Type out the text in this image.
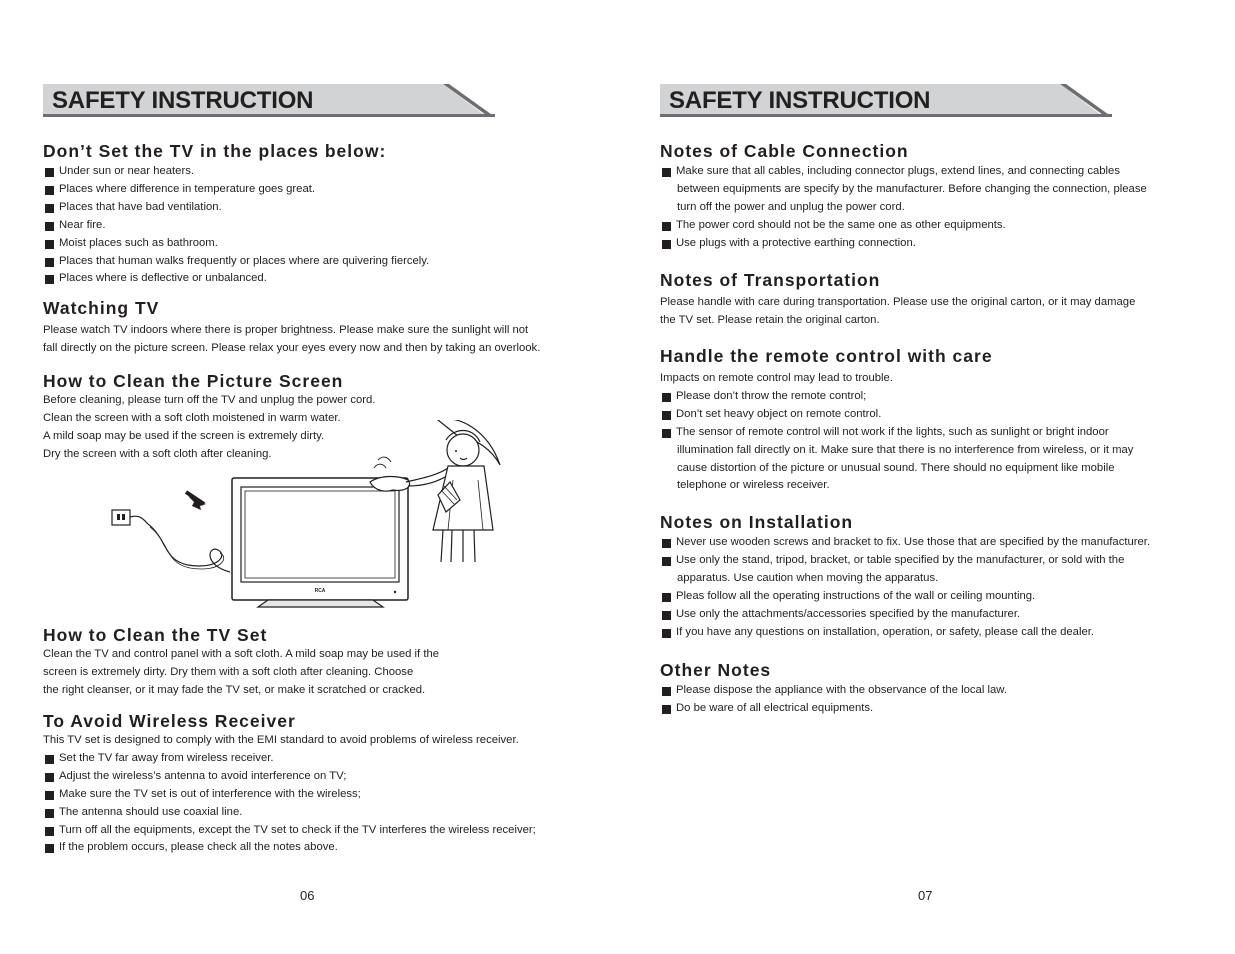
SAFETY INSTRUCTION
Don’t Set the TV in the places below:
Under sun or near heaters.
Places where difference in temperature goes great.
Places that have bad ventilation.
Near fire.
Moist places such as bathroom.
Places that human walks frequently or places where are quivering fiercely.
Places where is deflective or unbalanced.
Watching TV
Please watch TV indoors where there is proper brightness. Please make sure the sunlight will not
fall directly on the picture screen. Please relax your eyes every now and then by taking an overlook.
How to Clean the Picture Screen
Before cleaning, please turn off the TV and unplug the power cord.
Clean the screen with a soft cloth moistened in warm water.
A mild soap may be used if the screen is extremely dirty.
Dry the screen with a soft cloth after cleaning.
RCA
How to Clean the TV Set
Clean the TV and control panel with a soft cloth. A mild soap may be used if the
screen is extremely dirty. Dry them with a soft cloth after cleaning. Choose
the right cleanser, or it may fade the TV set, or make it scratched or cracked.
To Avoid Wireless Receiver
This TV set is designed to comply with the EMI standard to avoid problems of wireless receiver.
Set the TV far away from wireless receiver.
Adjust the wireless’s antenna to avoid interference on TV;
Make sure the TV set is out of interference with the wireless;
The antenna should use coaxial line.
Turn off all the equipments, except the TV set to check if the TV interferes the wireless receiver;
If the problem occurs, please check all the notes above.
06
SAFETY INSTRUCTION
Notes of Cable Connection
Make sure that all cables, including connector plugs, extend lines, and connecting cables
between equipments are specify by the manufacturer. Before changing the connection, please
turn off the power and unplug the power cord.
The power cord should not be the same one as other equipments.
Use plugs with a protective earthing connection.
Notes of Transportation
Please handle with care during transportation. Please use the original carton, or it may damage
the TV set. Please retain the original carton.
Handle the remote control with care
Impacts on remote control may lead to trouble.
Please don’t throw the remote control;
Don’t set heavy object on remote control.
The sensor of remote control will not work if the lights, such as sunlight or bright indoor
illumination fall directly on it. Make sure that there is no interference from wireless, or it may
cause distortion of the picture or unusual sound. There should no equipment like mobile
telephone or wireless receiver.
Notes on Installation
Never use wooden screws and bracket to fix. Use those that are specified by the manufacturer.
Use only the stand, tripod, bracket, or table specified by the manufacturer, or sold with the
apparatus. Use caution when moving the apparatus.
Pleas follow all the operating instructions of the wall or ceiling mounting.
Use only the attachments/accessories specified by the manufacturer.
If you have any questions on installation, operation, or safety, please call the dealer.
Other Notes
Please dispose the appliance with the observance of the local law.
Do be ware of all electrical equipments.
07
